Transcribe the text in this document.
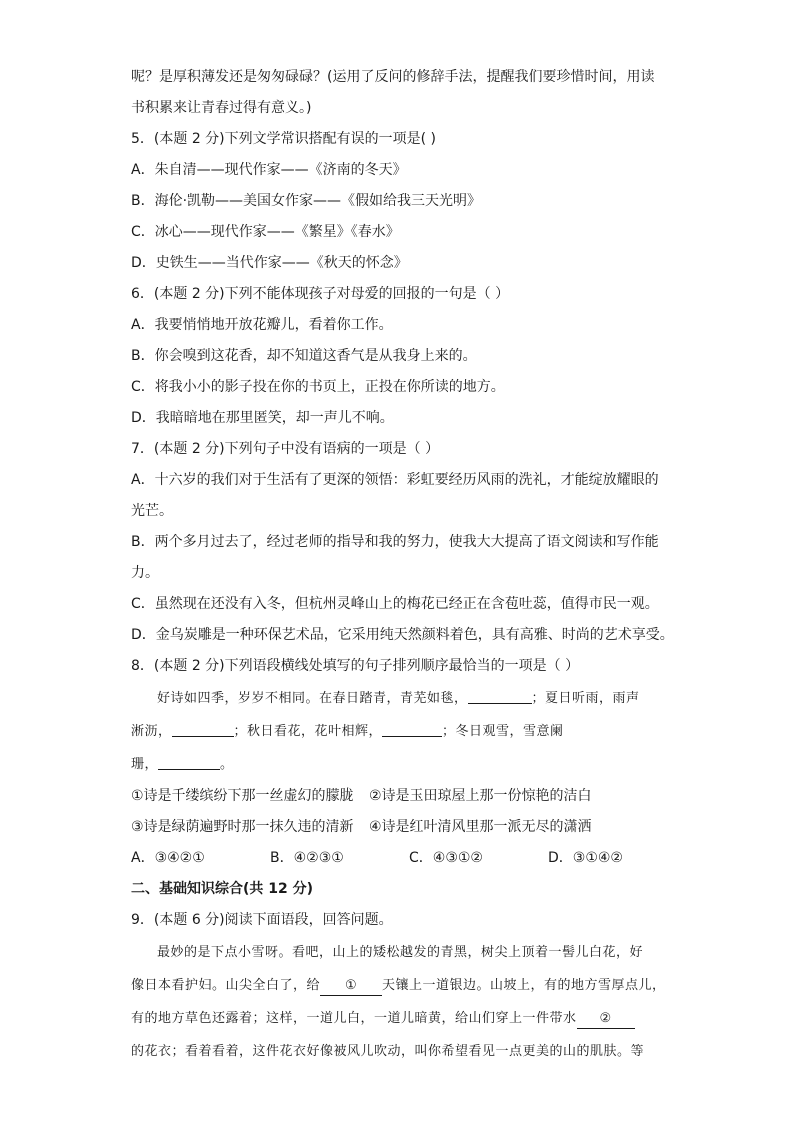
呢？是厚积薄发还是匆匆碌碌？(运用了反问的修辞手法，提醒我们要珍惜时间，用读
书积累来让青春过得有意义。)
5．(本题 2 分)下列文学常识搭配有误的一项是( )
A．朱自清——现代作家——《济南的冬天》
B．海伦·凯勒——美国女作家——《假如给我三天光明》
C．冰心——现代作家——《繁星》《春水》
D．史铁生——当代作家——《秋天的怀念》
6．(本题 2 分)下列不能体现孩子对母爱的回报的一句是（ ）
A．我要悄悄地开放花瓣儿，看着你工作。
B．你会嗅到这花香，却不知道这香气是从我身上来的。
C．将我小小的影子投在你的书页上，正投在你所读的地方。
D．我暗暗地在那里匿笑，却一声儿不响。
7．(本题 2 分)下列句子中没有语病的一项是（ ）
A．十六岁的我们对于生活有了更深的领悟：彩虹要经历风雨的洗礼，才能绽放耀眼的
光芒。
B．两个多月过去了，经过老师的指导和我的努力，使我大大提高了语文阅读和写作能
力。
C．虽然现在还没有入冬，但杭州灵峰山上的梅花已经正在含苞吐蕊，值得市民一观。
D．金乌炭雕是一种环保艺术品，它采用纯天然颜料着色，具有高雅、时尚的艺术享受。
8．(本题 2 分)下列语段横线处填写的句子排列顺序最恰当的一项是（ ）
好诗如四季，岁岁不相同。在春日踏青，青芜如毯，	；夏日听雨，雨声
淅沥，	；秋日看花，花叶相辉，	；冬日观雪，雪意阑
珊，	。
①诗是千缕缤纷下那一丝虚幻的朦胧	②诗是玉田琼屋上那一份惊艳的洁白
③诗是绿荫遍野时那一抹久违的清新	④诗是红叶清风里那一派无尽的潇洒
A．③④②①	B．④②③①	C．④③①②	D．③①④②
二、基础知识综合(共 12 分)
9．(本题 6 分)阅读下面语段，回答问题。
最妙的是下点小雪呀。看吧，山上的矮松越发的青黑，树尖上顶着一髻儿白花，好
像日本看护妇。山尖全白了，给 ① 天镶上一道银边。山坡上，有的地方雪厚点儿，
有的地方草色还露着；这样，一道儿白，一道儿暗黄，给山们穿上一件带水 ②
的花衣；看着看着，这件花衣好像被风儿吹动，叫你希望看见一点更美的山的肌肤。等
